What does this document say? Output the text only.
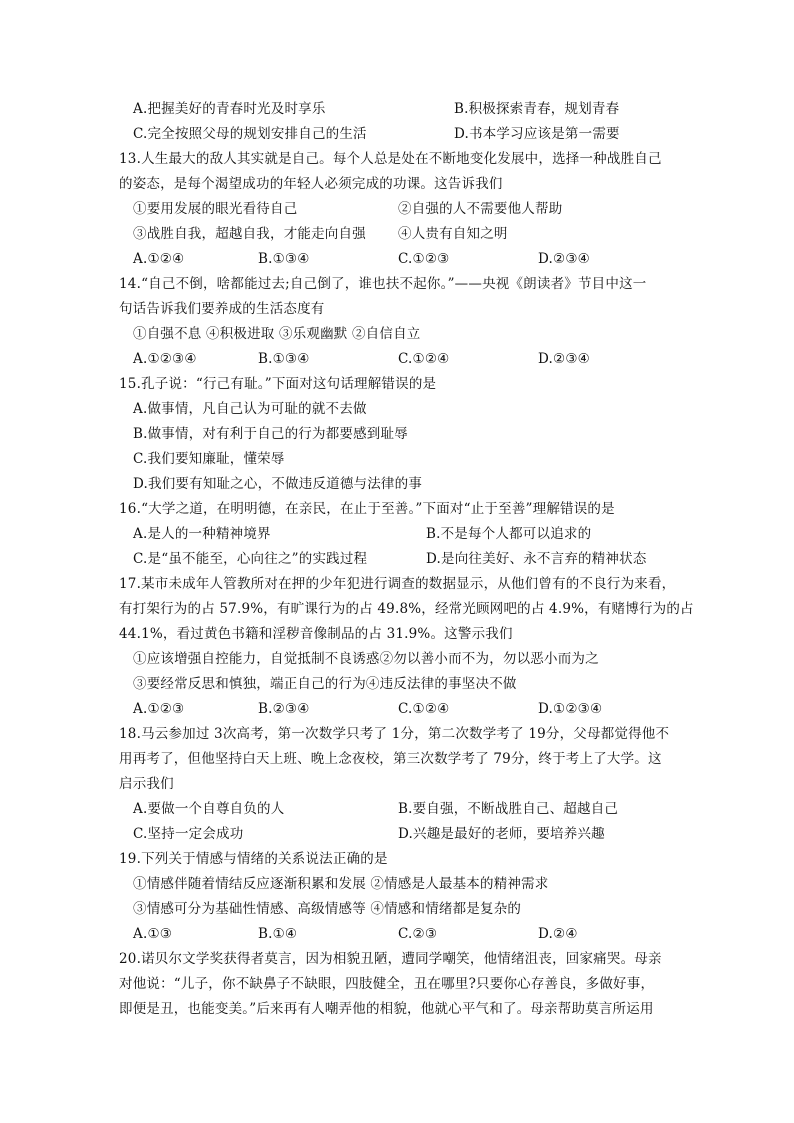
A.把握美好的青春时光及时享乐	B.积极探索青春，规划青春
C.完全按照父母的规划安排自己的生活	D.书本学习应该是第一需要
13.人生最大的敌人其实就是自己。每个人总是处在不断地变化发展中，选择一种战胜自己
的姿态，是每个渴望成功的年轻人必须完成的功课。这告诉我们
①要用发展的眼光看待自己	②自强的人不需要他人帮助
③战胜自我，超越自我，才能走向自强 ④人贵有自知之明
A.①②④	B.①③④	C.①②③	D.②③④
14.“自己不倒，啥都能过去;自己倒了，谁也扶不起你。”——央视《朗读者》节目中这一
句话告诉我们要养成的生活态度有
①自强不息 ④积极进取 ③乐观幽默 ②自信自立
A.①②③④	B.①③④	C.①②④	D.②③④
15.孔子说：“行己有耻。”下面对这句话理解错误的是
A.做事情，凡自己认为可耻的就不去做
B.做事情，对有利于自己的行为都要感到耻辱
C.我们要知廉耻，懂荣辱
D.我们要有知耻之心，不做违反道德与法律的事
16.“大学之道，在明明德，在亲民，在止于至善。”下面对“止于至善”理解错误的是
A.是人的一种精神境界	B.不是每个人都可以追求的
C.是“虽不能至，心向往之”的实践过程	D.是向往美好、永不言弃的精神状态
17.某市未成年人管教所对在押的少年犯进行调查的数据显示，从他们曾有的不良行为来看，
有打架行为的占 57.9%，有旷课行为的占 49.8%，经常光顾网吧的占 4.9%，有赌博行为的占
44.1%，看过黄色书籍和淫秽音像制品的占 31.9%。这警示我们
①应该增强自控能力，自觉抵制不良诱惑②勿以善小而不为，勿以恶小而为之
③要经常反思和慎独，端正自己的行为④违反法律的事坚决不做
A.①②③	B.②③④	C.①②④	D.①②③④
18.马云参加过 3次高考，第一次数学只考了 1分，第二次数学考了 19分，父母都觉得他不
用再考了，但他坚持白天上班、晚上念夜校，第三次数学考了 79分，终于考上了大学。这
启示我们
A.要做一个自尊自负的人	B.要自强，不断战胜自己、超越自己
C.坚持一定会成功	D.兴趣是最好的老师，要培养兴趣
19.下列关于情感与情绪的关系说法正确的是
①情感伴随着情结反应逐渐积累和发展 ②情感是人最基本的精神需求
③情感可分为基础性情感、高级情感等 ④情感和情绪都是复杂的
A.①③	B.①④	C.②③	D.②④
20.诺贝尔文学奖获得者莫言，因为相貌丑陋，遭同学嘲笑，他情绪沮丧，回家痛哭。母亲
对他说：“儿子，你不缺鼻子不缺眼，四肢健全，丑在哪里?只要你心存善良，多做好事，
即便是丑，也能变美。”后来再有人嘲弄他的相貌，他就心平气和了。母亲帮助莫言所运用
